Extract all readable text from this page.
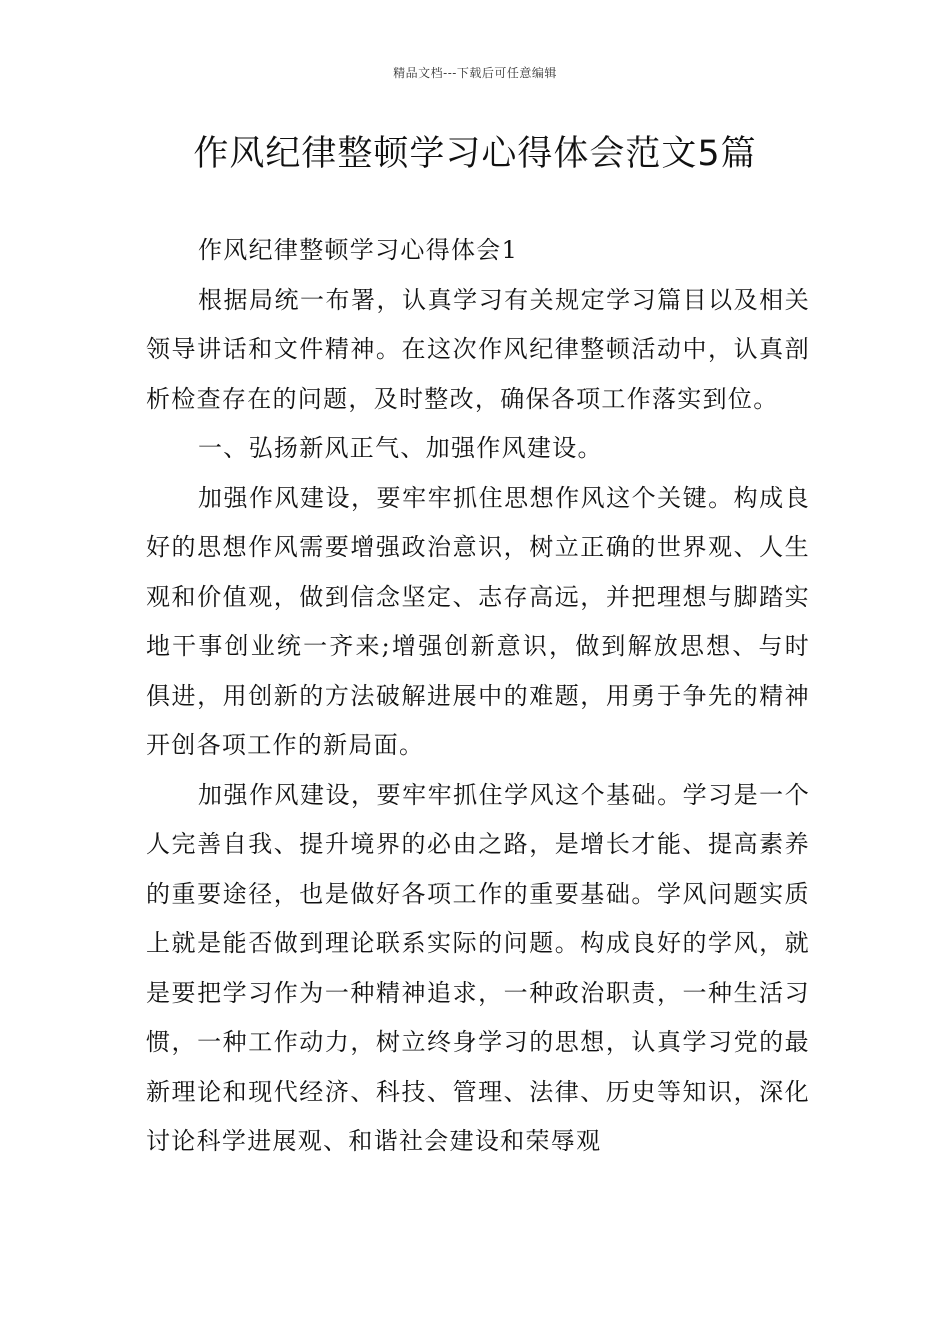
精品文档---下载后可任意编辑
作风纪律整顿学习心得体会范文5篇

作风纪律整顿学习心得体会1

根据局统一布署，认真学习有关规定学习篇目以及相关领导讲话和文件精神。在这次作风纪律整顿活动中，认真剖析检查存在的问题，及时整改，确保各项工作落实到位。

一、弘扬新风正气、加强作风建设。

加强作风建设，要牢牢抓住思想作风这个关键。构成良好的思想作风需要增强政治意识，树立正确的世界观、人生观和价值观，做到信念坚定、志存高远，并把理想与脚踏实地干事创业统一齐来;增强创新意识，做到解放思想、与时俱进，用创新的方法破解进展中的难题，用勇于争先的精神开创各项工作的新局面。

加强作风建设，要牢牢抓住学风这个基础。学习是一个人完善自我、提升境界的必由之路，是增长才能、提高素养的重要途径，也是做好各项工作的重要基础。学风问题实质上就是能否做到理论联系实际的问题。构成良好的学风，就是要把学习作为一种精神追求，一种政治职责，一种生活习惯，一种工作动力，树立终身学习的思想，认真学习党的最新理论和现代经济、科技、管理、法律、历史等知识，深化讨论科学进展观、和谐社会建设和荣辱观
